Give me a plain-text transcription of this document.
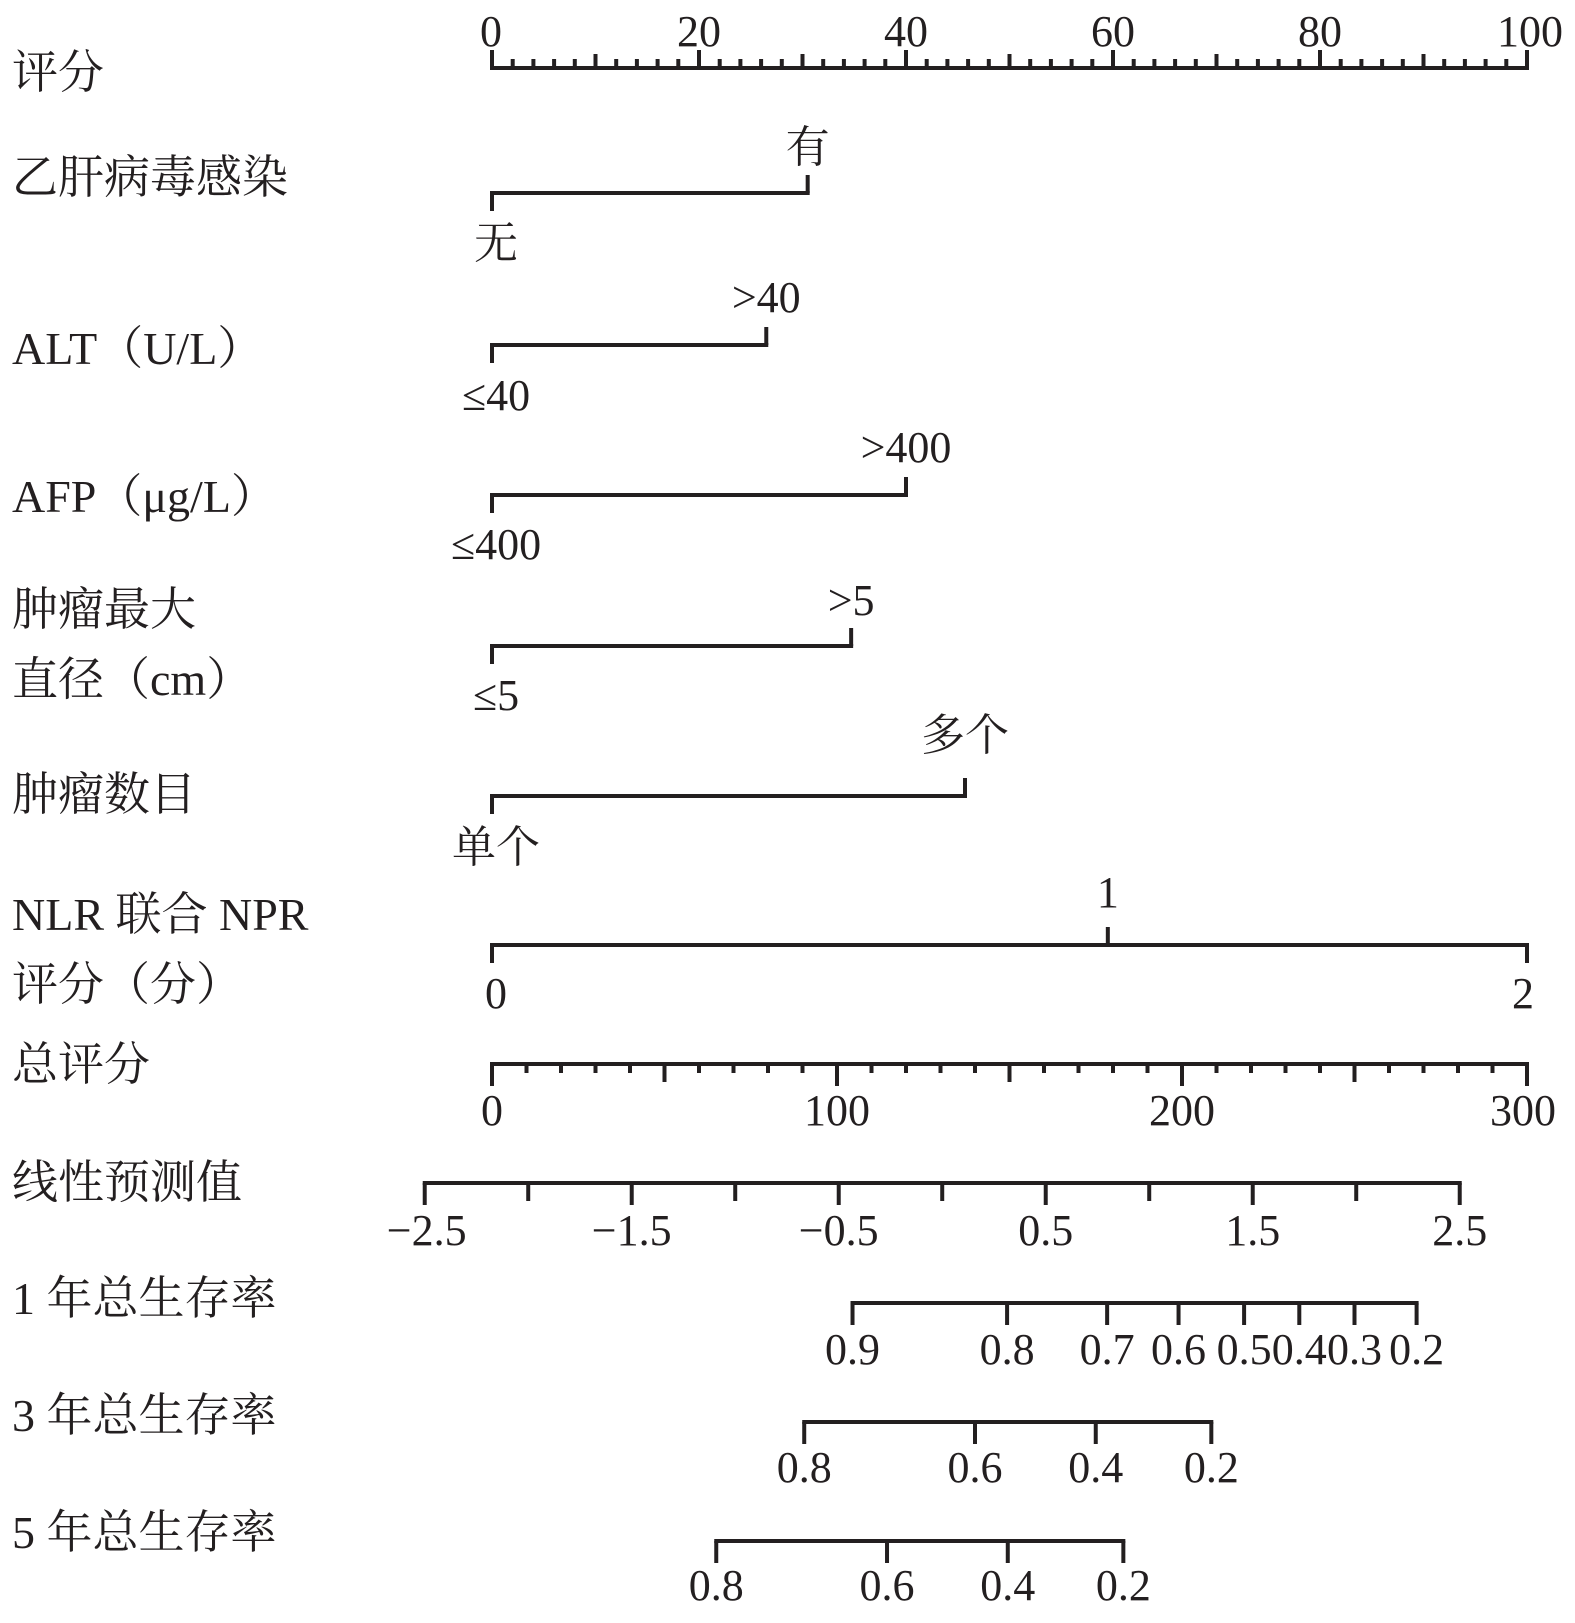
评分
乙肝病毒感染
ALT（U/L）
AFP（μg/L）
肿瘤最大
直径（cm）
肿瘤数目
NLR 联合 NPR
评分（分）
总评分
线性预测值
1 年总生存率
3 年总生存率
5 年总生存率
0	20	40	60	80	100
无
有
≤40
>40
≤400
>400
≤5
>5
单个
多个
0
1
2
0	100	200	300
−2.5	−1.5	−0.5	0.5	1.5	2.5
0.9 0.8 0.7 0.6 0.5 0.4 0.3 0.2
0.8	0.6 0.4 0.2
0.8	0.6 0.4 0.2
